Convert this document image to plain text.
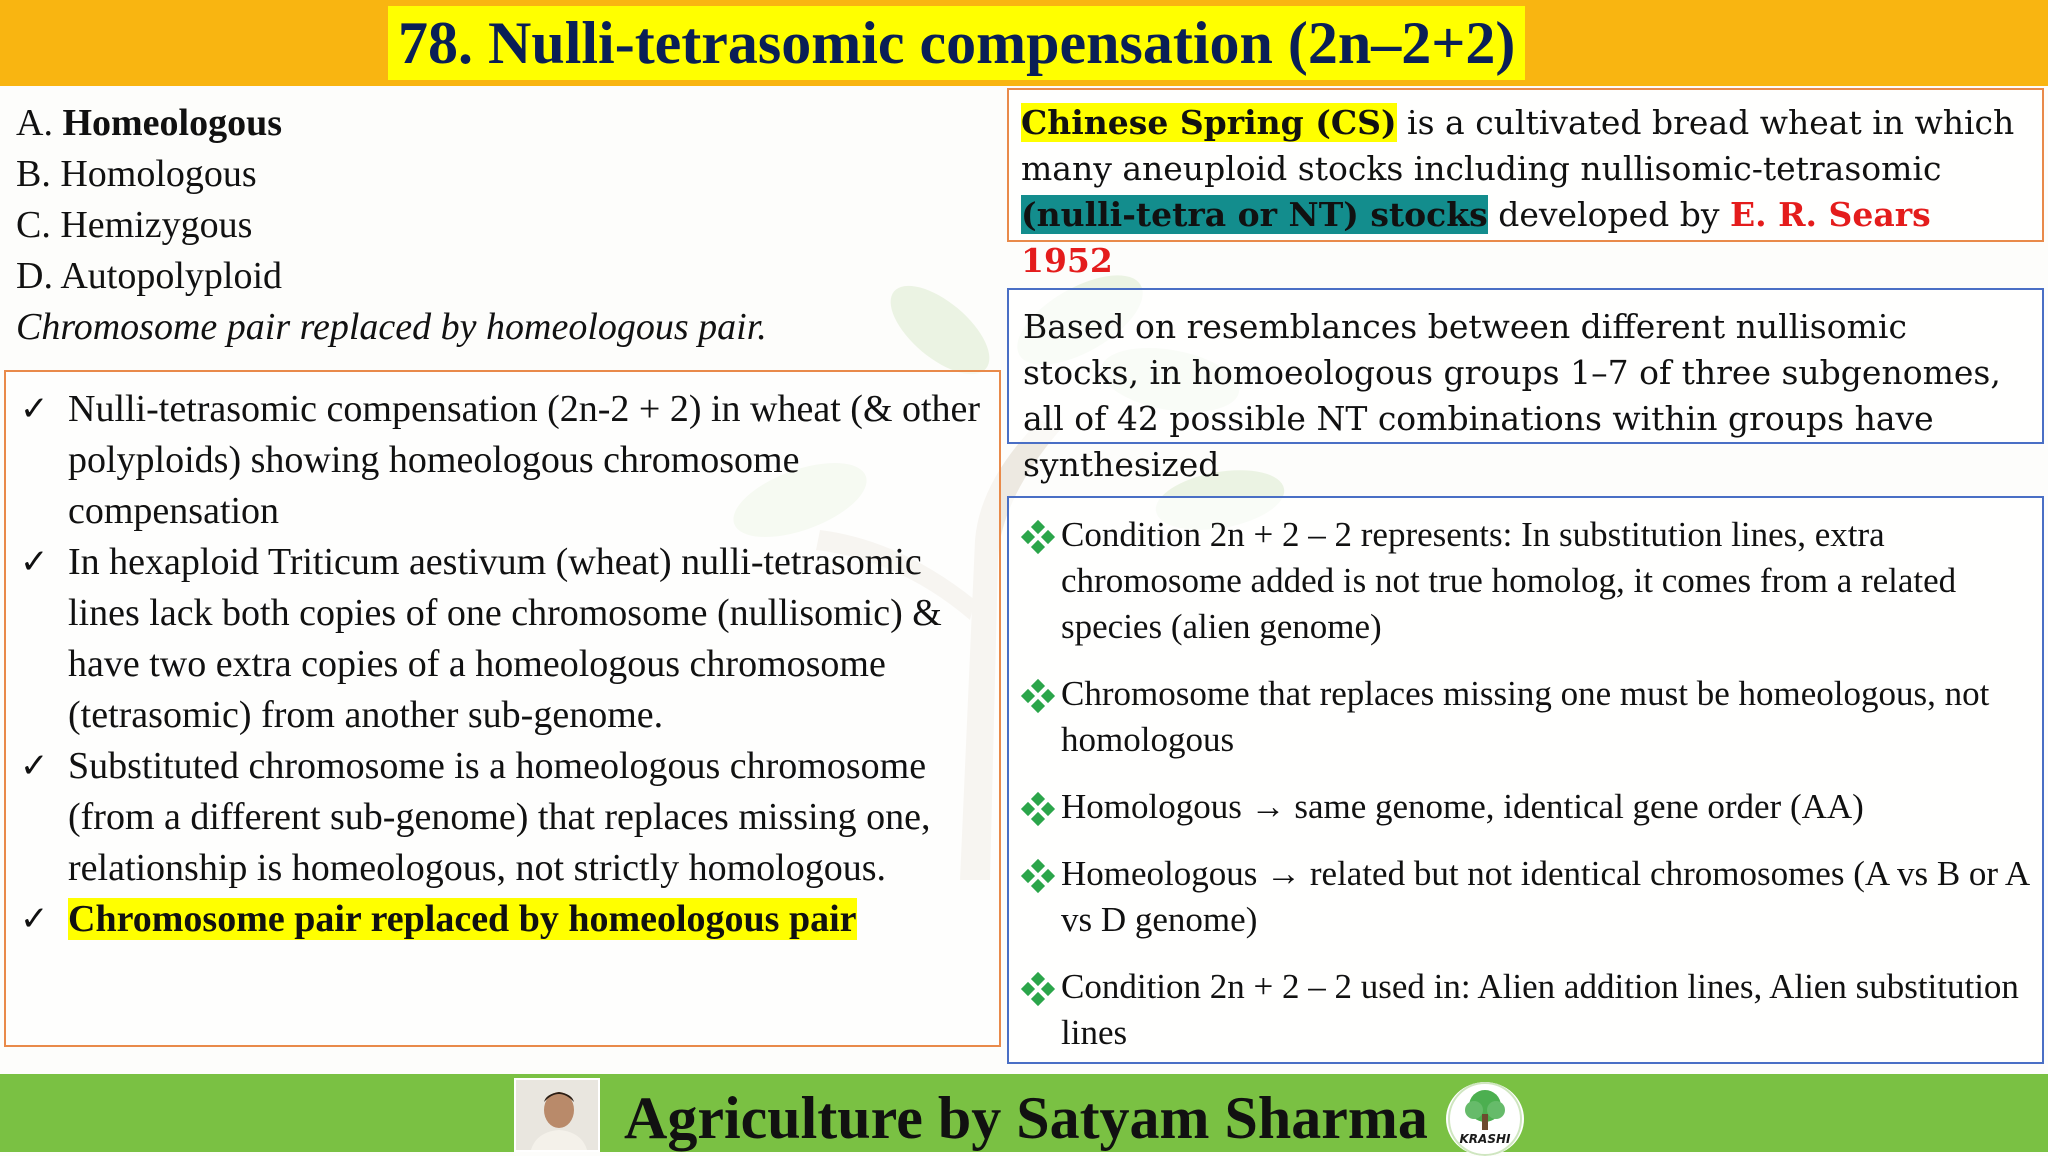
78. Nulli-tetrasomic compensation (2n–2+2)
A. Homeologous
B. Homologous
C. Hemizygous
D. Autopolyploid
Chromosome pair replaced by homeologous pair.
✓ Nulli-tetrasomic compensation (2n-2 + 2) in wheat (& other polyploids) showing homeologous chromosome compensation
✓ In hexaploid Triticum aestivum (wheat) nulli-tetrasomic lines lack both copies of one chromosome (nullisomic) & have two extra copies of a homeologous chromosome (tetrasomic) from another sub-genome.
✓ Substituted chromosome is a homeologous chromosome (from a different sub-genome) that replaces missing one, relationship is homeologous, not strictly homologous.
✓ Chromosome pair replaced by homeologous pair
Chinese Spring (CS) is a cultivated bread wheat in which many aneuploid stocks including nullisomic-tetrasomic (nulli-tetra or NT) stocks developed by E. R. Sears 1952
Based on resemblances between different nullisomic stocks, in homoeologous groups 1–7 of three subgenomes, all of 42 possible NT combinations within groups have synthesized
Condition 2n + 2 – 2 represents: In substitution lines, extra chromosome added is not true homolog, it comes from a related species (alien genome)
Chromosome that replaces missing one must be homeologous, not homologous
Homologous → same genome, identical gene order (AA)
Homeologous → related but not identical chromosomes (A vs B or A vs D genome)
Condition 2n + 2 – 2 used in: Alien addition lines, Alien substitution lines
Agriculture by Satyam Sharma	KRASHI
